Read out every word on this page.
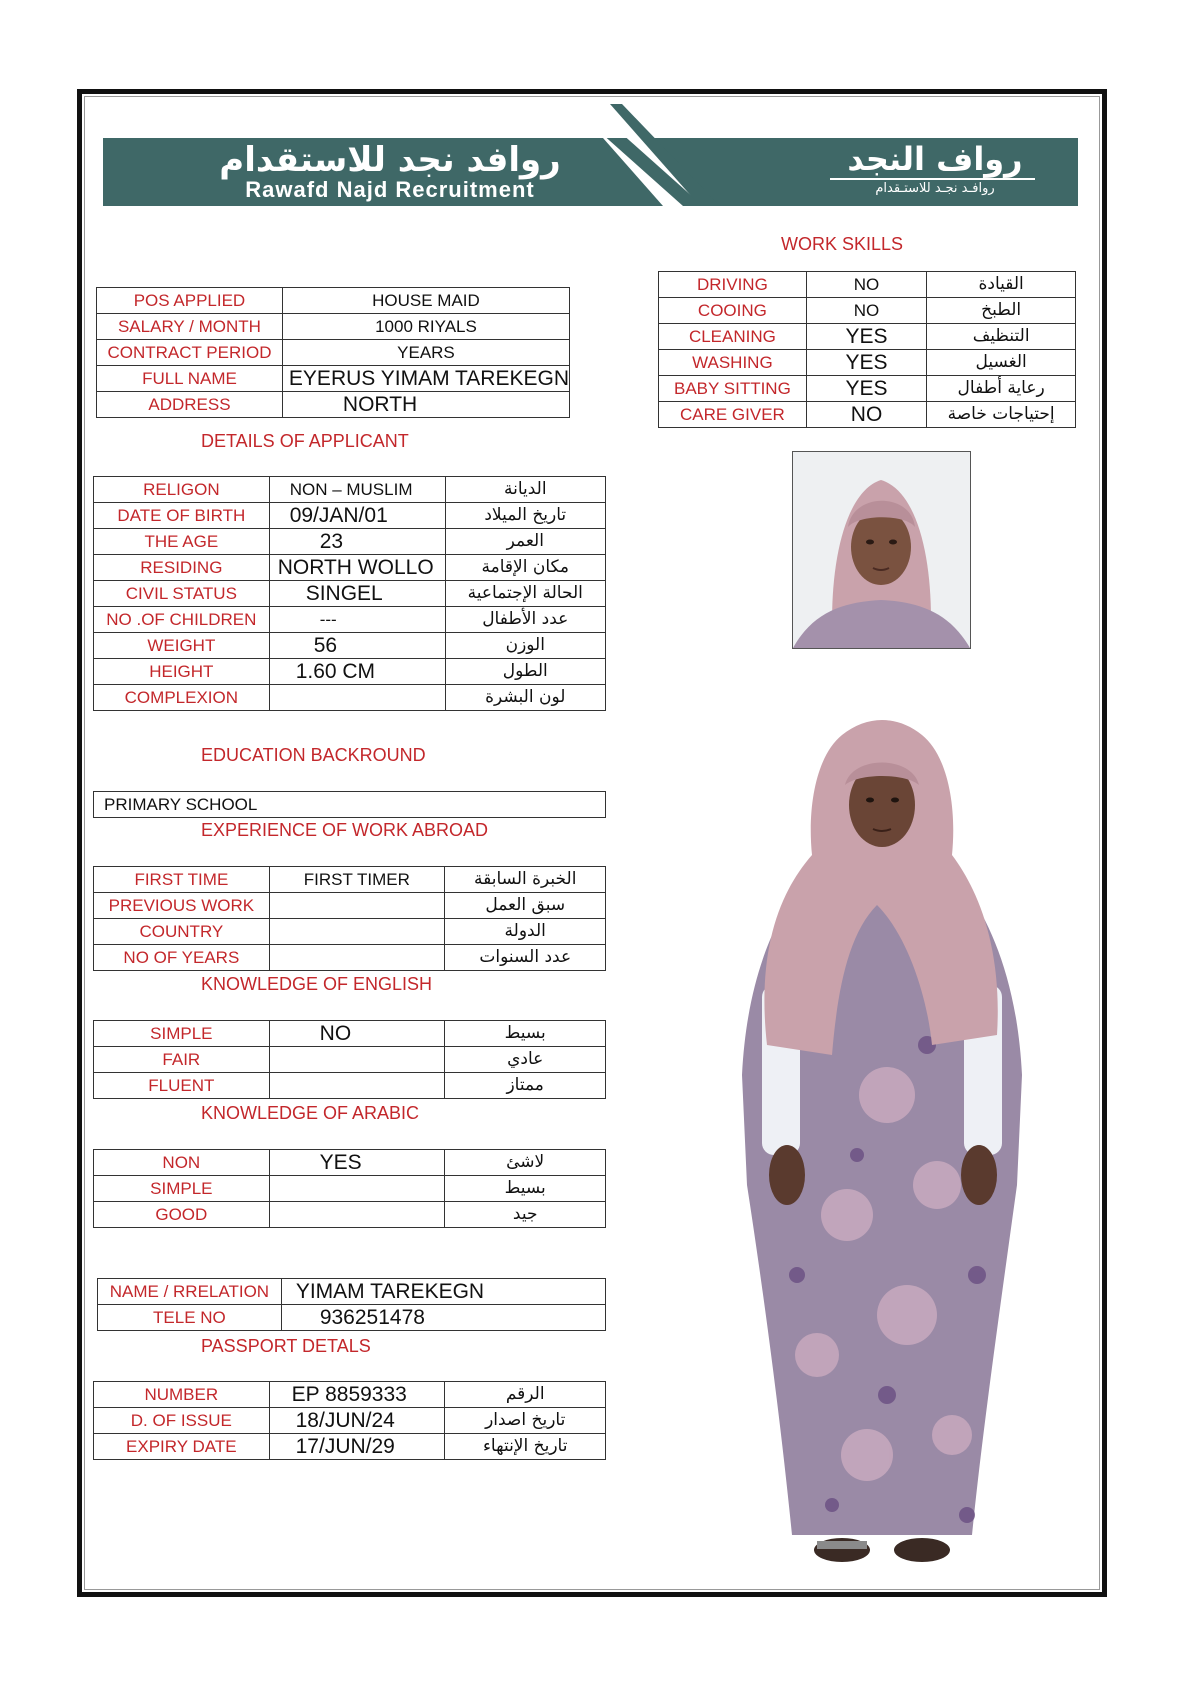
روافد نجد للاستقدام
Rawafd Najd Recruitment
رواف النجد
روافـد نجـد للاستـقدام
POS APPLIED	HOUSE MAID
SALARY / MONTH	1000 RIYALS
CONTRACT PERIOD	YEARS
FULL NAME	EYERUS YIMAM TAREKEGN
ADDRESS	NORTH
WORK SKILLS
DRIVING	NO	القيادة
COOING	NO	الطبخ
CLEANING	YES	التنظيف
WASHING	YES	الغسيل
BABY SITTING	YES	رعاية أطفال
CARE GIVER	NO	إحتياجات خاصة
DETAILS OF APPLICANT
RELIGON	NON – MUSLIM	الديانة
DATE OF BIRTH	09/JAN/01	تاريخ الميلاد
THE AGE	23	العمر
RESIDING	NORTH WOLLO	مكان الإقامة
CIVIL STATUS	SINGEL	الحالة الإجتماعية
NO .OF CHILDREN	---	عدد الأطفال
WEIGHT	56	الوزن
HEIGHT	1.60 CM	الطول
COMPLEXION		لون البشرة
EDUCATION BACKROUND
PRIMARY SCHOOL
EXPERIENCE OF WORK ABROAD
FIRST TIME	FIRST TIMER	الخبرة السابقة
PREVIOUS WORK		سبق العمل
COUNTRY		الدولة
NO OF YEARS		عدد السنوات
KNOWLEDGE OF ENGLISH
SIMPLE	NO	بسيط
FAIR		عادي
FLUENT		ممتاز
KNOWLEDGE OF ARABIC
NON	YES	لاشئ
SIMPLE		بسيط
GOOD		جيد
NAME / RRELATION	YIMAM TAREKEGN
TELE NO	936251478
PASSPORT DETALS
NUMBER	EP 8859333	الرقم
D. OF ISSUE	18/JUN/24	تاريخ اصدار
EXPIRY DATE	17/JUN/29	تاريخ الإنتهاء
